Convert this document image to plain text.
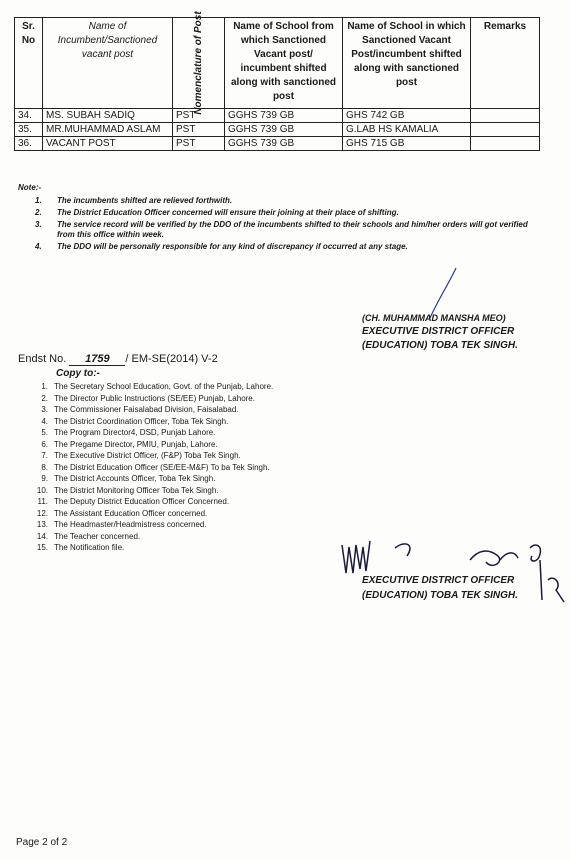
Sr. No	Name of Incumbent/Sanctioned vacant post	Nomenclature of Post	Name of School from which Sanctioned Vacant post/ incumbent shifted along with sanctioned post	Name of School in which Sanctioned Vacant Post/incumbent shifted along with sanctioned post	Remarks
34.	MS. SUBAH SADIQ	PST	GGHS 739 GB	GHS 742 GB	
35.	MR.MUHAMMAD ASLAM	PST	GGHS 739 GB	G.LAB HS KAMALIA	
36.	VACANT POST	PST	GGHS 739 GB	GHS 715 GB	
Note:-
1. The incumbents shifted are relieved forthwith.
2. The District Education Officer concerned will ensure their joining at their place of shifting.
3. The service record will be verified by the DDO of the incumbents shifted to their schools and him/her orders will got verified from this office within week.
4. The DDO will be personally responsible for any kind of discrepancy if occurred at any stage.
(CH. MUHAMMAD MANSHA MEO)
EXECUTIVE DISTRICT OFFICER
(EDUCATION) TOBA TEK SINGH.
Endst No. 1759 / EM-SE(2014) V-2
Copy to:-
1. The Secretary School Education, Govt. of the Punjab, Lahore.
2. The Director Public Instructions (SE/EE) Punjab, Lahore.
3. The Commissioner Faisalabad Division, Faisalabad.
4. The District Coordination Officer, Toba Tek Singh.
5. The Program Director4, DSD, Punjab Lahore.
6. The Pregame Director, PMIU, Punjab, Lahore.
7. The Executive District Officer, (F&P) Toba Tek Singh.
8. The District Education Officer (SE/EE-M&F) To ba Tek Singh.
9. The District Accounts Officer, Toba Tek Singh.
10. The District Monitoring Officer Toba Tek Singh.
11. The Deputy District Education Officer Concerned.
12. The Assistant Education Officer concerned.
13. The Headmaster/Headmistress concerned.
14. The Teacher concerned.
15. The Notification file.
EXECUTIVE DISTRICT OFFICER
(EDUCATION) TOBA TEK SINGH.
Page 2 of 2
